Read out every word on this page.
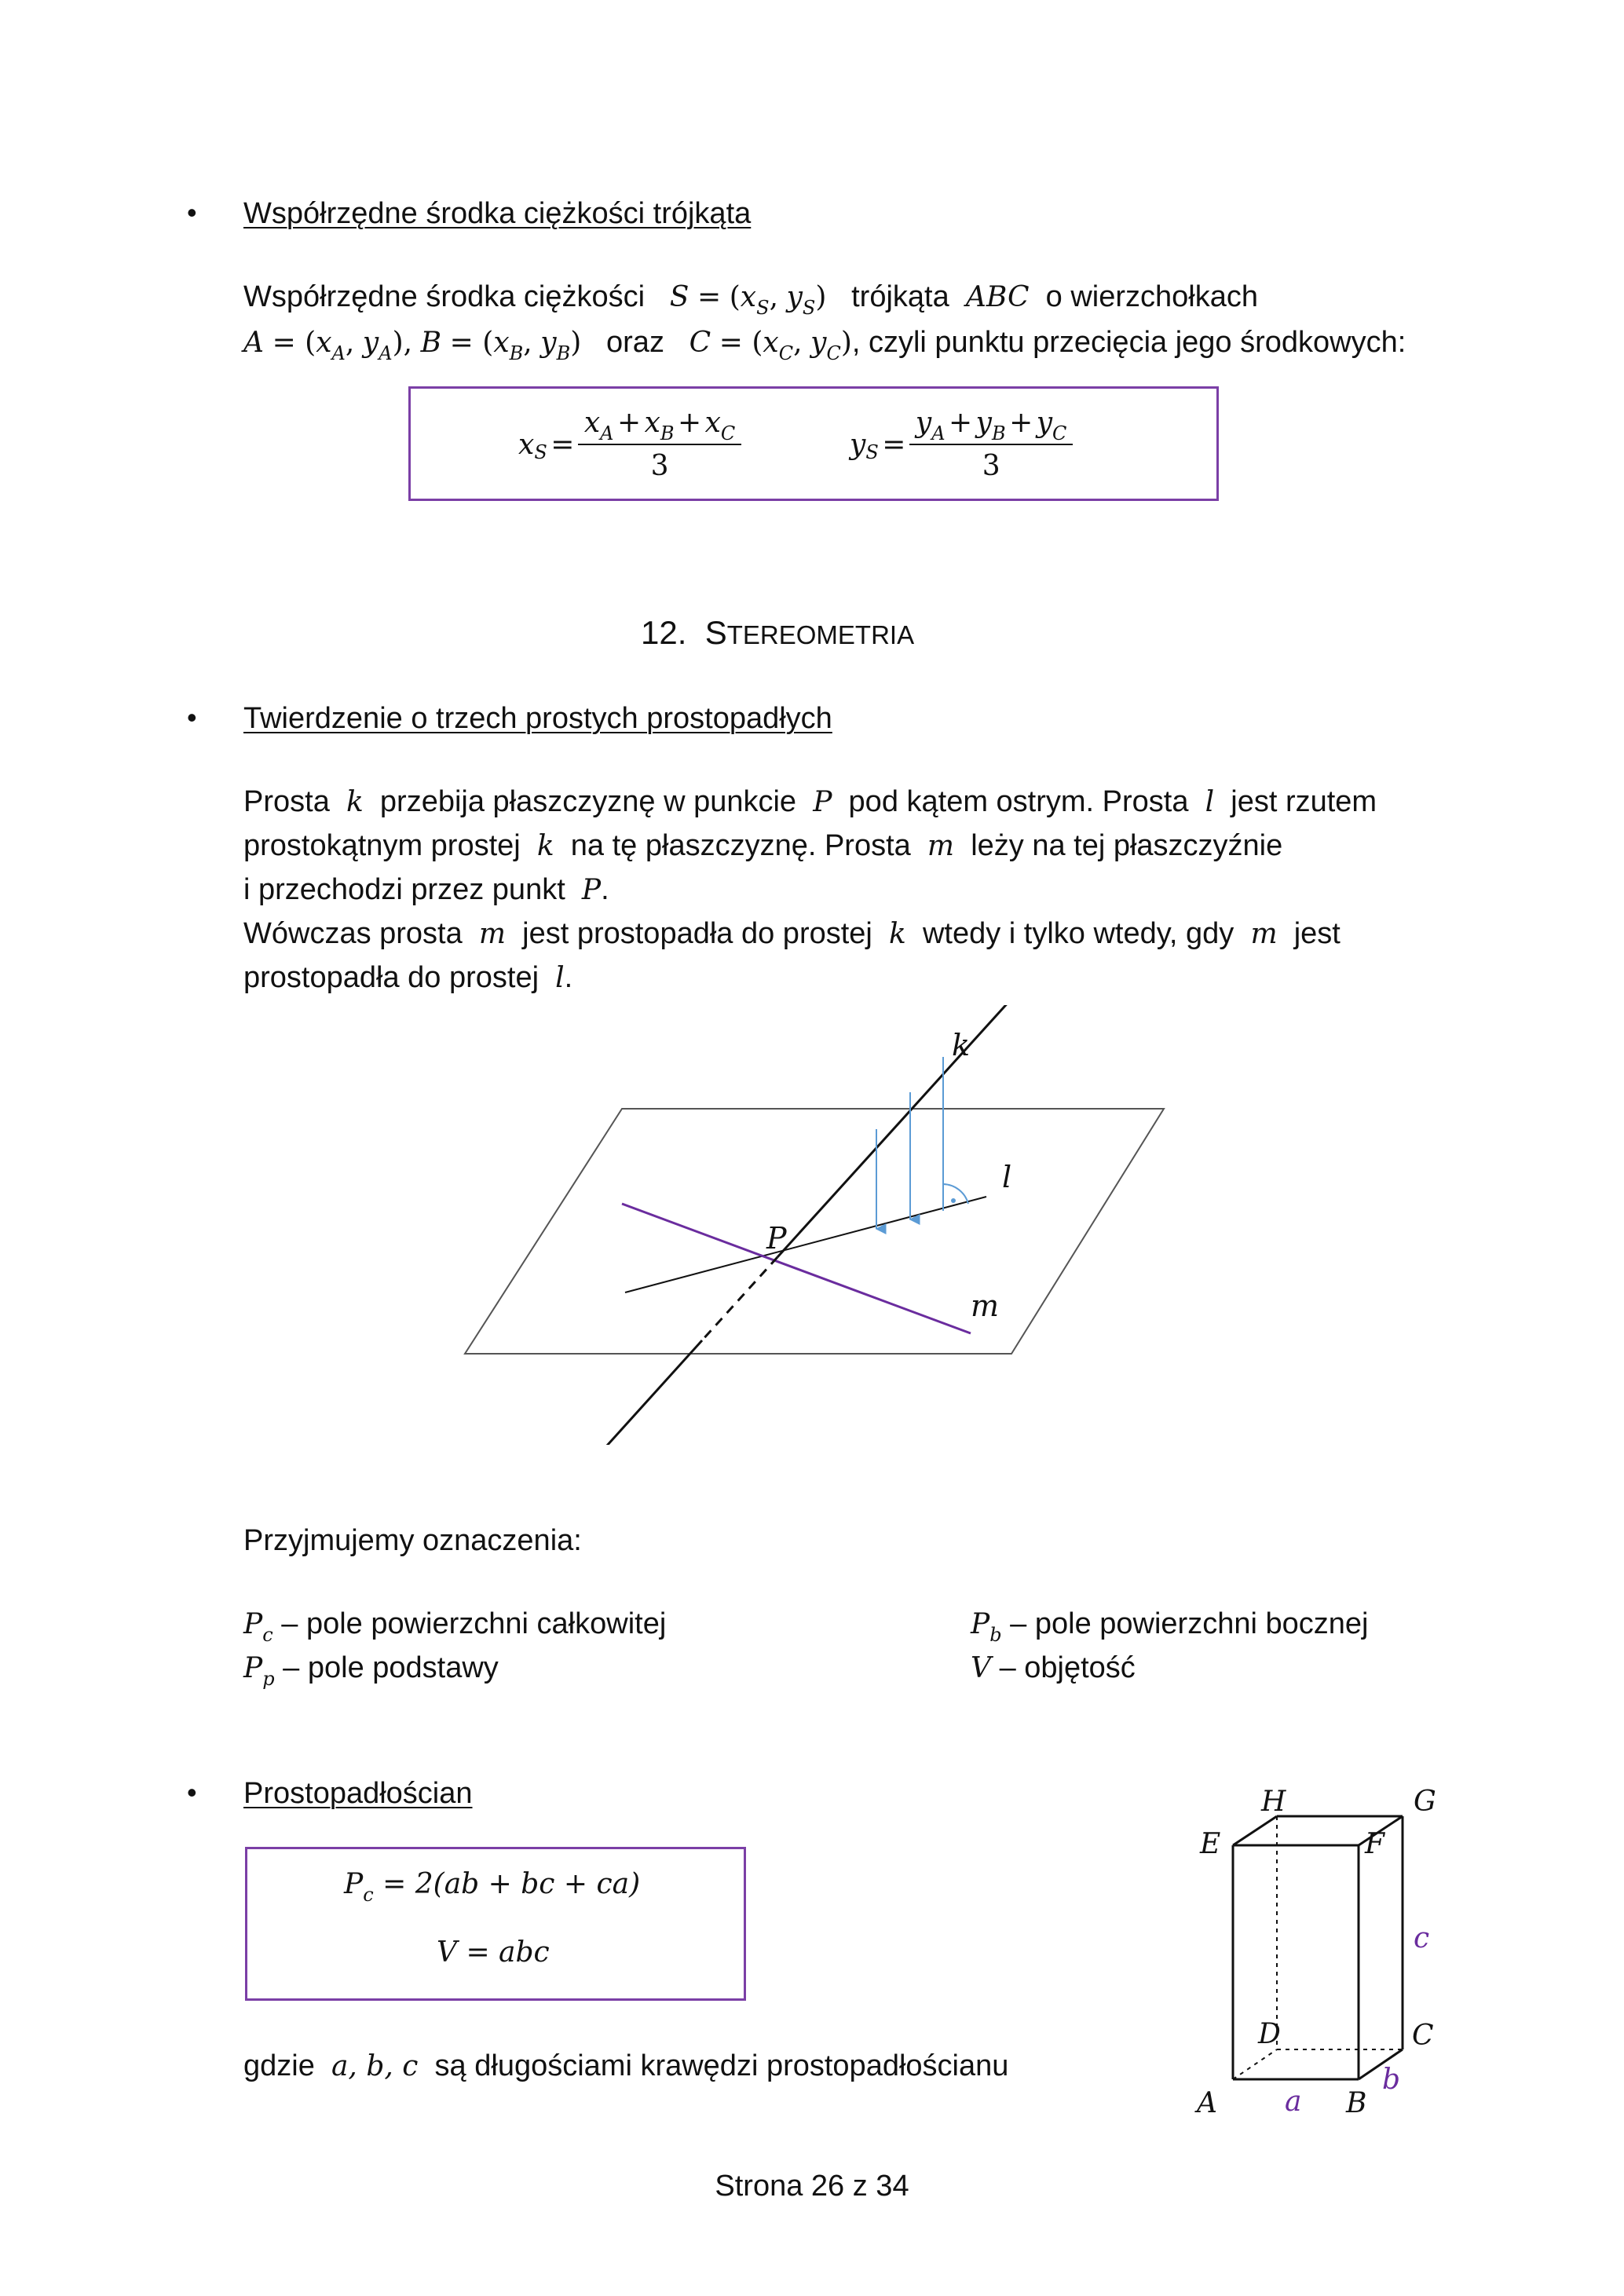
• Współrzędne środka ciężkości trójkąta
Współrzędne środka ciężkości $S = (x_S$, $y_S$) trójkąta ABC o wierzchołkach
$A = (x_A$, $y_A$), $B = (x_B$, $y_B$) oraz $C = (x_C$, $y_C$), czyli punktu przecięcia jego środkowych:
x S
=
$\frac{xA + xB + xC}{3}$	y S
=
$\frac{yA + yB + yC}{3}$
12. STEREOMETRIA
• Twierdzenie o trzech prostych prostopadłych
Prosta k przebija płaszczyznę w punkcie P pod kątem ostrym. Prosta l jest rzutem
prostokątnym prostej k na tę płaszczyznę. Prosta m leży na tej płaszczyźnie
i przechodzi przez punkt P.
Wówczas prosta m jest prostopadła do prostej k wtedy i tylko wtedy, gdy m jest
prostopadła do prostej l.
k
l
P
m
Przyjmujemy oznaczenia:
$P_c$ – pole powierzchni całkowitej
$P_p$ – pole podstawy
$P_b$ – pole powierzchni bocznej
V – objętość
• Prostopadłościan
$P_c = 2(ab$ + bc + ca)
V = abc
gdzie a, b, c są długościami krawędzi prostopadłościanu
H	G
E	F
c
D	C
A a B
b
Strona 26 z 34
